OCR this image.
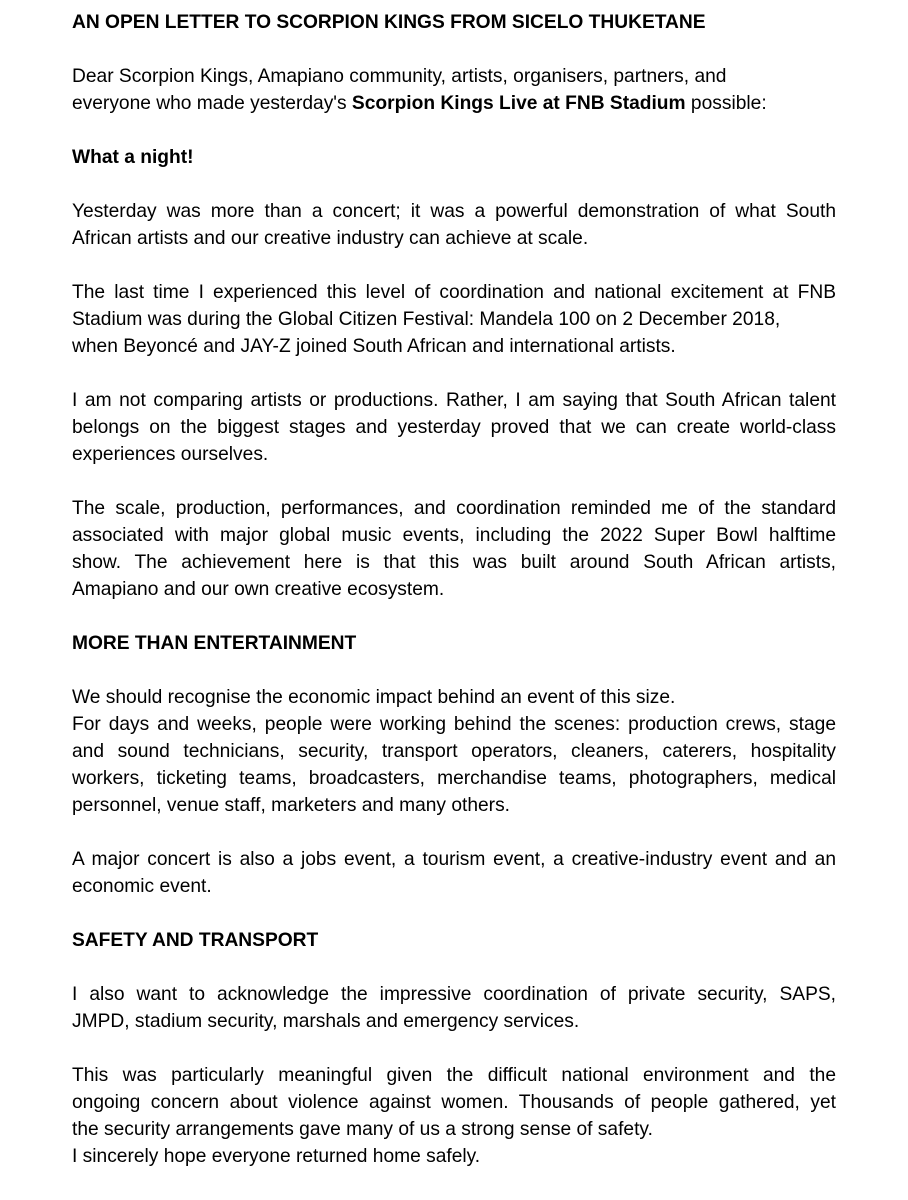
AN OPEN LETTER TO SCORPION KINGS FROM SICELO THUKETANE
Dear Scorpion Kings, Amapiano community, artists, organisers, partners, and
everyone who made yesterday's Scorpion Kings Live at FNB Stadium possible:
What a night!
Yesterday was more than a concert; it was a powerful demonstration of what South
African artists and our creative industry can achieve at scale.
The last time I experienced this level of coordination and national excitement at FNB
Stadium was during the Global Citizen Festival: Mandela 100 on 2 December 2018,
when Beyoncé and JAY-Z joined South African and international artists.
I am not comparing artists or productions. Rather, I am saying that South African talent
belongs on the biggest stages and yesterday proved that we can create world-class
experiences ourselves.
The scale, production, performances, and coordination reminded me of the standard
associated with major global music events, including the 2022 Super Bowl halftime
show. The achievement here is that this was built around South African artists,
Amapiano and our own creative ecosystem.
MORE THAN ENTERTAINMENT
We should recognise the economic impact behind an event of this size.
For days and weeks, people were working behind the scenes: production crews, stage
and sound technicians, security, transport operators, cleaners, caterers, hospitality
workers, ticketing teams, broadcasters, merchandise teams, photographers, medical
personnel, venue staff, marketers and many others.
A major concert is also a jobs event, a tourism event, a creative-industry event and an
economic event.
SAFETY AND TRANSPORT
I also want to acknowledge the impressive coordination of private security, SAPS,
JMPD, stadium security, marshals and emergency services.
This was particularly meaningful given the difficult national environment and the
ongoing concern about violence against women. Thousands of people gathered, yet
the security arrangements gave many of us a strong sense of safety.
I sincerely hope everyone returned home safely.
